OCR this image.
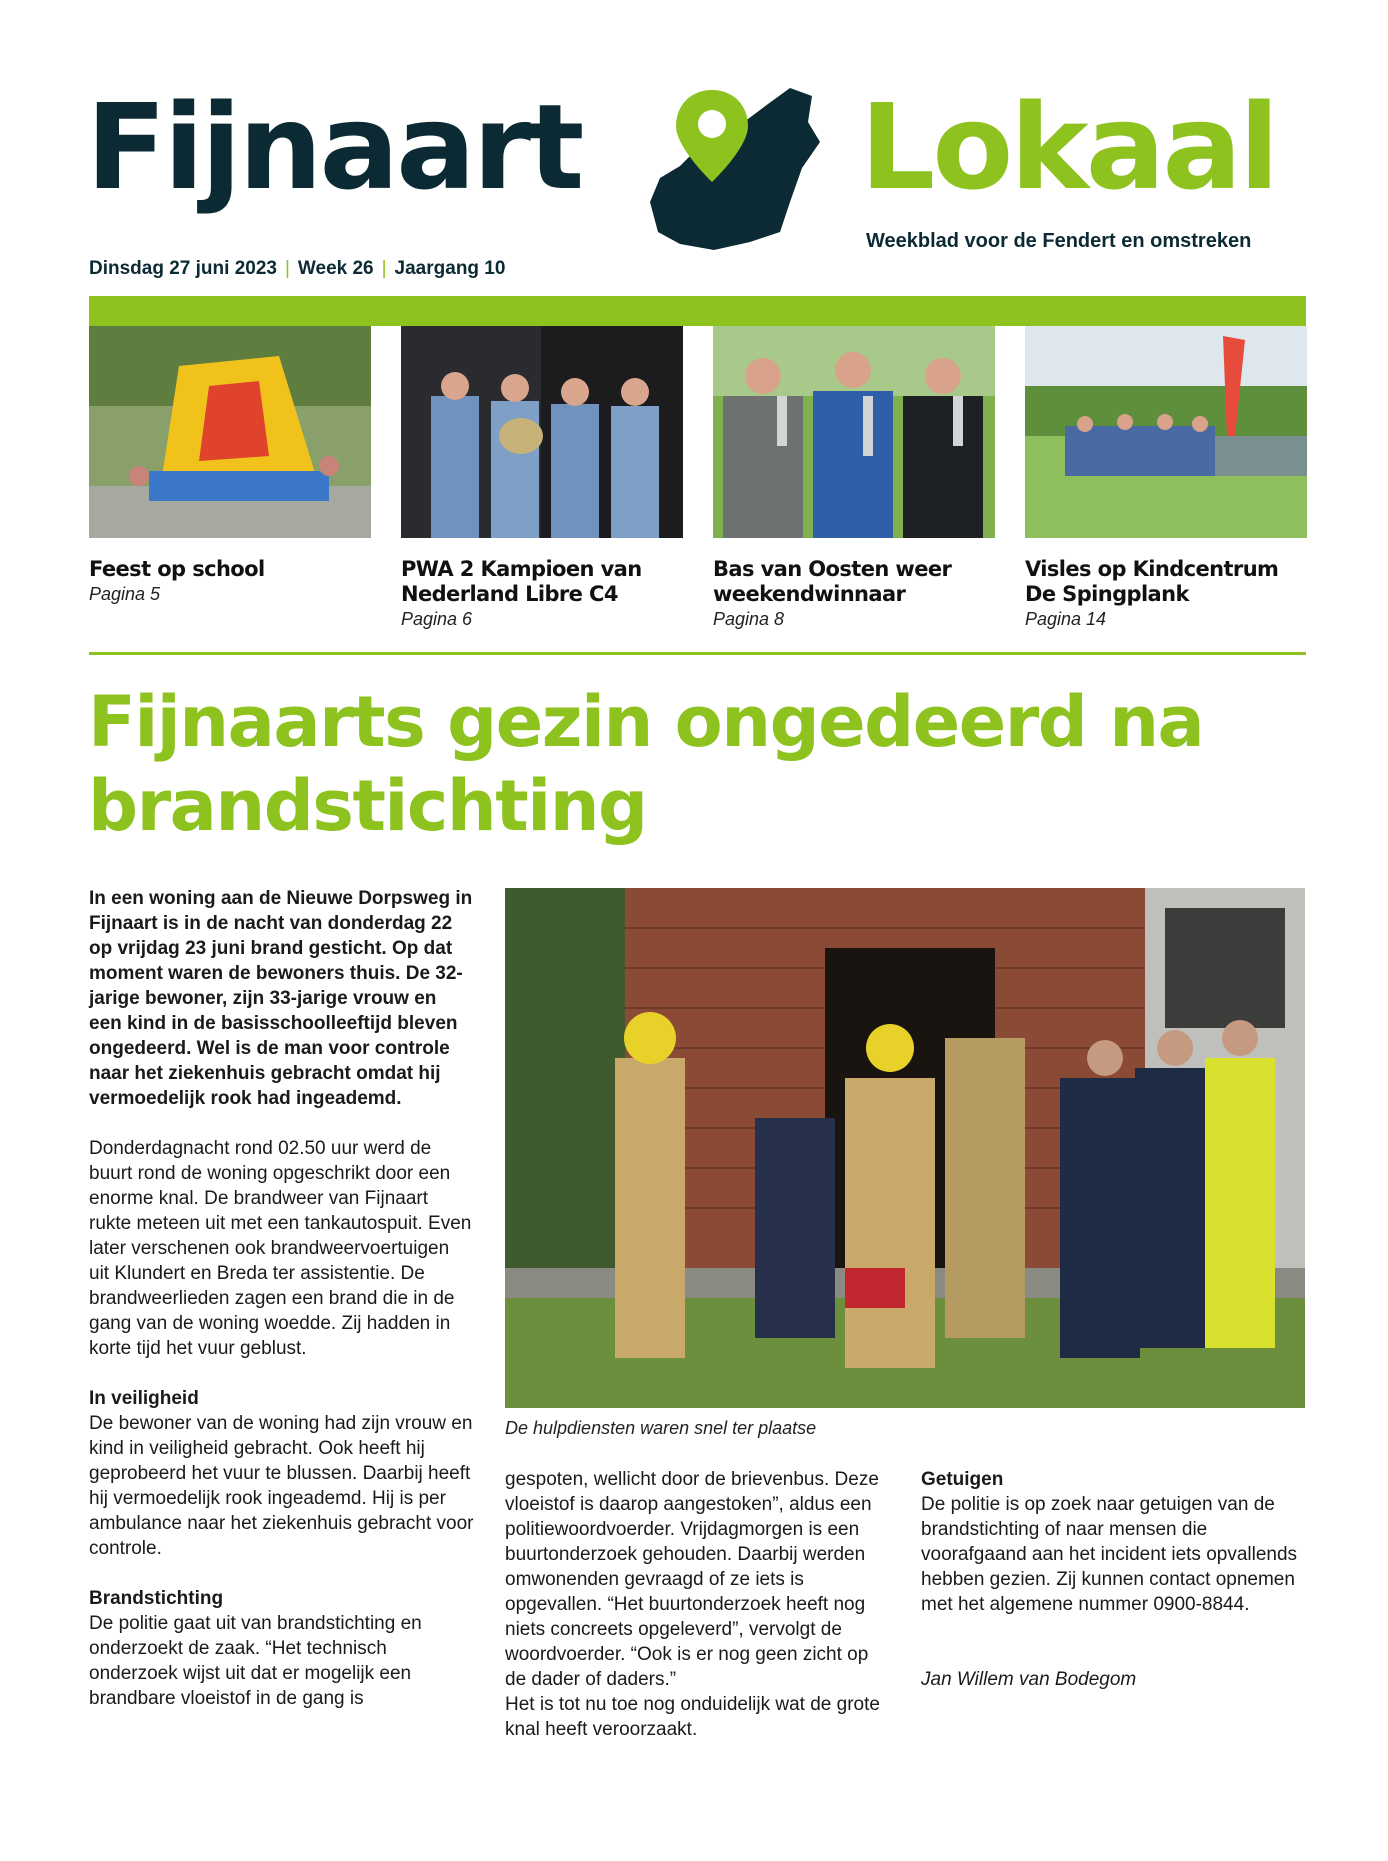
Fijnaart Lokaal
Weekblad voor de Fendert en omstreken
Dinsdag 27 juni 2023 | Week 26 | Jaargang 10
Feest op school
Pagina 5
PWA 2 Kampioen van Nederland Libre C4
Pagina 6
Bas van Oosten weer weekendwinnaar
Pagina 8
Visles op Kindcentrum De Spingplank
Pagina 14
Fijnaarts gezin ongedeerd na brandstichting

In een woning aan de Nieuwe Dorpsweg in Fijnaart is in de nacht van donderdag 22 op vrijdag 23 juni brand gesticht. Op dat moment waren de bewoners thuis. De 32-jarige bewoner, zijn 33-jarige vrouw en een kind in de basisschoolleeftijd bleven ongedeerd. Wel is de man voor controle naar het ziekenhuis gebracht omdat hij vermoedelijk rook had ingeademd.

Donderdagnacht rond 02.50 uur werd de buurt rond de woning opgeschrikt door een enorme knal. De brandweer van Fijnaart rukte meteen uit met een tankautospuit. Even later verschenen ook brandweervoertuigen uit Klundert en Breda ter assistentie. De brandweerlieden zagen een brand die in de gang van de woning woedde. Zij hadden in korte tijd het vuur geblust.

In veiligheid

De bewoner van de woning had zijn vrouw en kind in veiligheid gebracht. Ook heeft hij geprobeerd het vuur te blussen. Daarbij heeft hij vermoedelijk rook ingeademd. Hij is per ambulance naar het ziekenhuis gebracht voor controle.

Brandstichting

De politie gaat uit van brandstichting en onderzoekt de zaak. “Het technisch onderzoek wijst uit dat er mogelijk een brandbare vloeistof in de gang is

De hulpdiensten waren snel ter plaatse

gespoten, wellicht door de brievenbus. Deze vloeistof is daarop aangestoken”, aldus een politiewoordvoerder. Vrijdagmorgen is een buurtonderzoek gehouden. Daarbij werden omwonenden gevraagd of ze iets is opgevallen. “Het buurtonderzoek heeft nog niets concreets opgeleverd”, vervolgt de woordvoerder. “Ook is er nog geen zicht op de dader of daders.”

Het is tot nu toe nog onduidelijk wat de grote knal heeft veroorzaakt.

Getuigen

De politie is op zoek naar getuigen van de brandstichting of naar mensen die voorafgaand aan het incident iets opvallends hebben gezien. Zij kunnen contact opnemen met het algemene nummer 0900-8844.

Jan Willem van Bodegom
